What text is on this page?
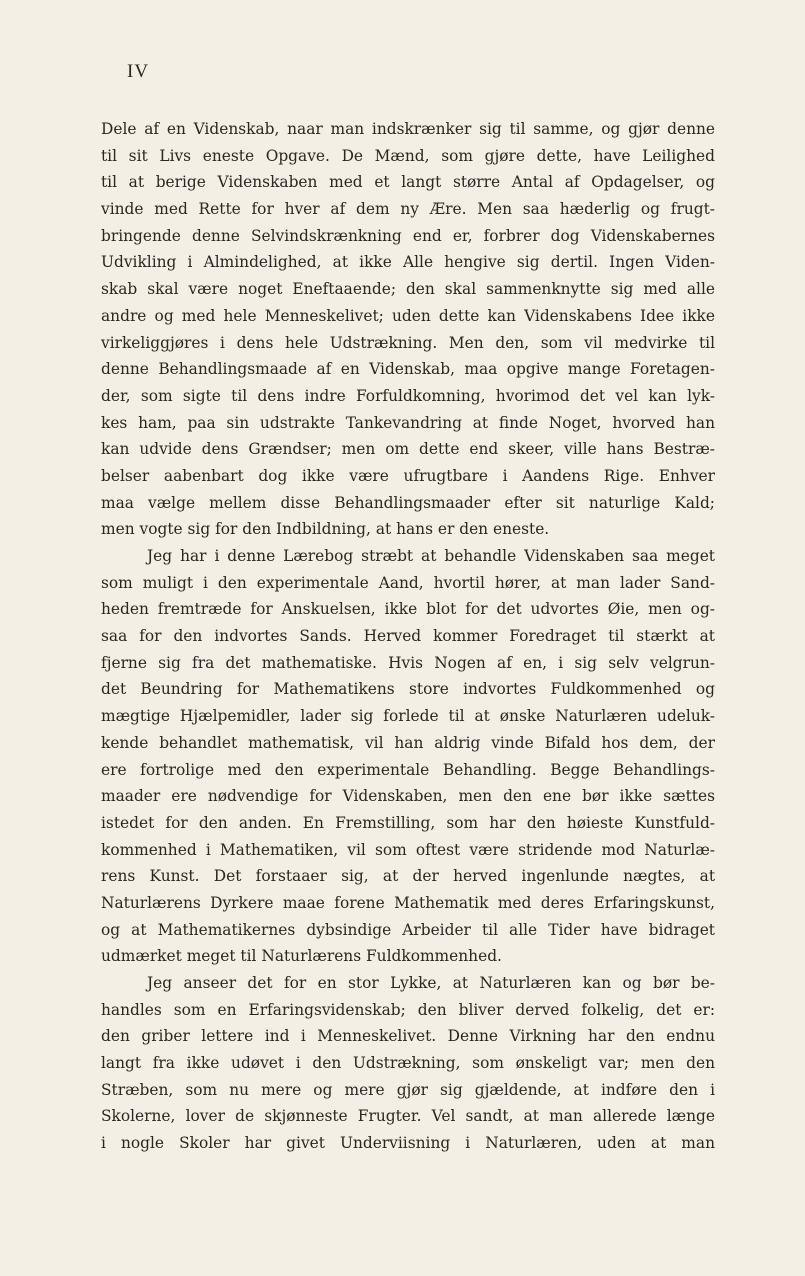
IV
Dele af en Videnskab, naar man indskrænker sig til samme, og gjør denne
til sit Livs eneste Opgave. De Mænd, som gjøre dette, have Leilighed
til at berige Videnskaben med et langt større Antal af Opdagelser, og
vinde med Rette for hver af dem ny Ære. Men saa hæderlig og frugt-
bringende denne Selvindskrænkning end er, forbrer dog Videnskabernes
Udvikling i Almindelighed, at ikke Alle hengive sig dertil. Ingen Viden-
skab skal være noget Eneftaaende; den skal sammenknytte sig med alle
andre og med hele Menneskelivet; uden dette kan Videnskabens Idee ikke
virkeliggjøres i dens hele Udstrækning. Men den, som vil medvirke til
denne Behandlingsmaade af en Videnskab, maa opgive mange Foretagen-
der, som sigte til dens indre Forfuldkomning, hvorimod det vel kan lyk-
kes ham, paa sin udstrakte Tankevandring at finde Noget, hvorved han
kan udvide dens Grændser; men om dette end skeer, ville hans Bestræ-
belser aabenbart dog ikke være ufrugtbare i Aandens Rige. Enhver
maa vælge mellem disse Behandlingsmaader efter sit naturlige Kald;
men vogte sig for den Indbildning, at hans er den eneste.
Jeg har i denne Lærebog stræbt at behandle Videnskaben saa meget
som muligt i den experimentale Aand, hvortil hører, at man lader Sand-
heden fremtræde for Anskuelsen, ikke blot for det udvortes Øie, men og-
saa for den indvortes Sands. Herved kommer Foredraget til stærkt at
fjerne sig fra det mathematiske. Hvis Nogen af en, i sig selv velgrun-
det Beundring for Mathematikens store indvortes Fuldkommenhed og
mægtige Hjælpemidler, lader sig forlede til at ønske Naturlæren udeluk-
kende behandlet mathematisk, vil han aldrig vinde Bifald hos dem, der
ere fortrolige med den experimentale Behandling. Begge Behandlings-
maader ere nødvendige for Videnskaben, men den ene bør ikke sættes
istedet for den anden. En Fremstilling, som har den høieste Kunstfuld-
kommenhed i Mathematiken, vil som oftest være stridende mod Naturlæ-
rens Kunst. Det forstaaer sig, at der herved ingenlunde nægtes, at
Naturlærens Dyrkere maae forene Mathematik med deres Erfaringskunst,
og at Mathematikernes dybsindige Arbeider til alle Tider have bidraget
udmærket meget til Naturlærens Fuldkommenhed.
Jeg anseer det for en stor Lykke, at Naturlæren kan og bør be-
handles som en Erfaringsvidenskab; den bliver derved folkelig, det er:
den griber lettere ind i Menneskelivet. Denne Virkning har den endnu
langt fra ikke udøvet i den Udstrækning, som ønskeligt var; men den
Stræben, som nu mere og mere gjør sig gjældende, at indføre den i
Skolerne, lover de skjønneste Frugter. Vel sandt, at man allerede længe
i nogle Skoler har givet Underviisning i Naturlæren, uden at man
